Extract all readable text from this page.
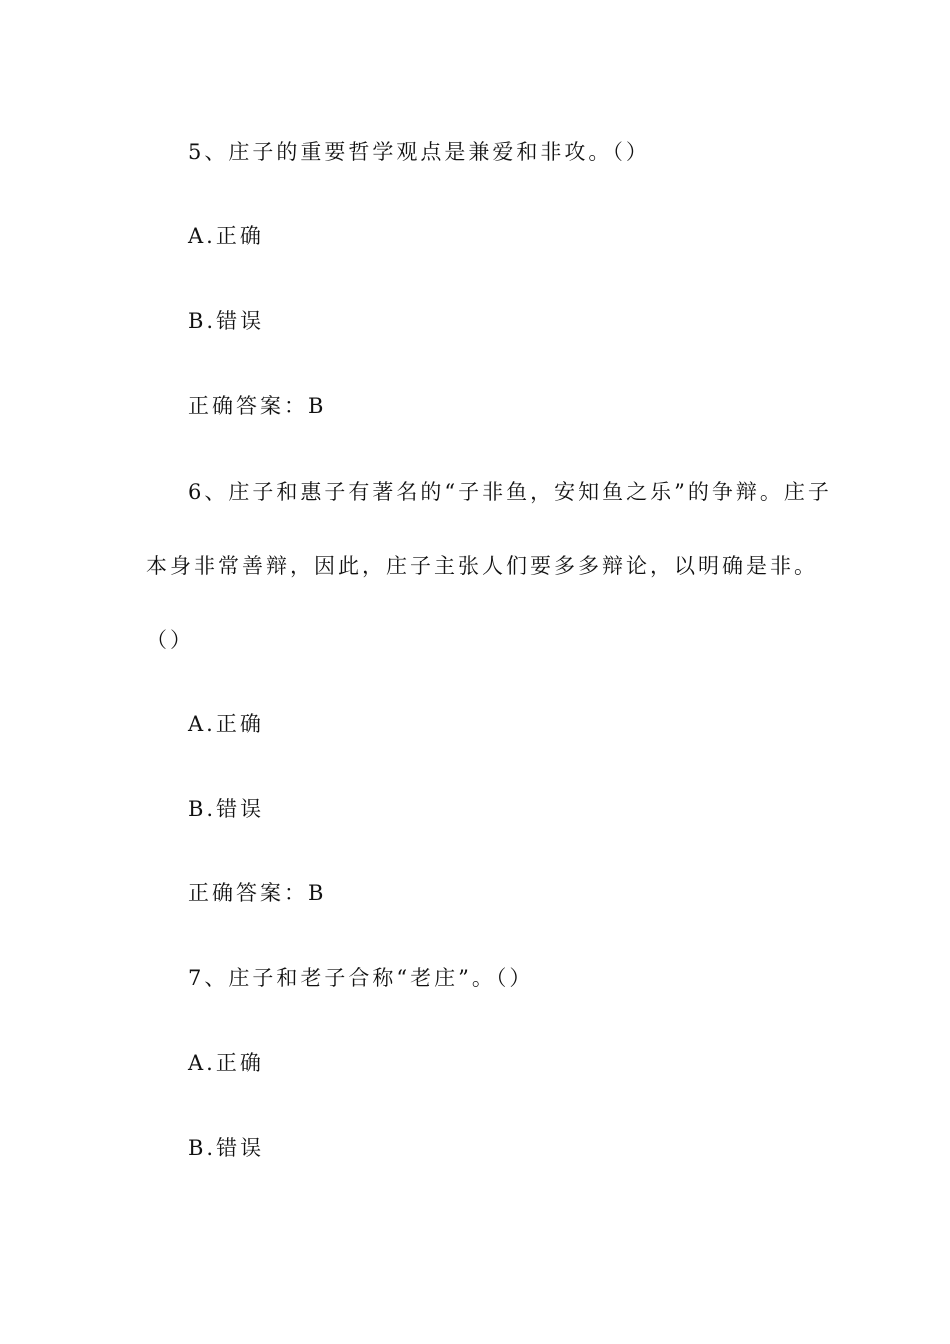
5、庄子的重要哲学观点是兼爱和非攻。（）
A.正确
B.错误
正确答案：B
6、庄子和惠子有著名的“子非鱼，安知鱼之乐”的争辩。庄子
本身非常善辩，因此，庄子主张人们要多多辩论，以明确是非。
（）
A.正确
B.错误
正确答案：B
7、庄子和老子合称“老庄”。（）
A.正确
B.错误
